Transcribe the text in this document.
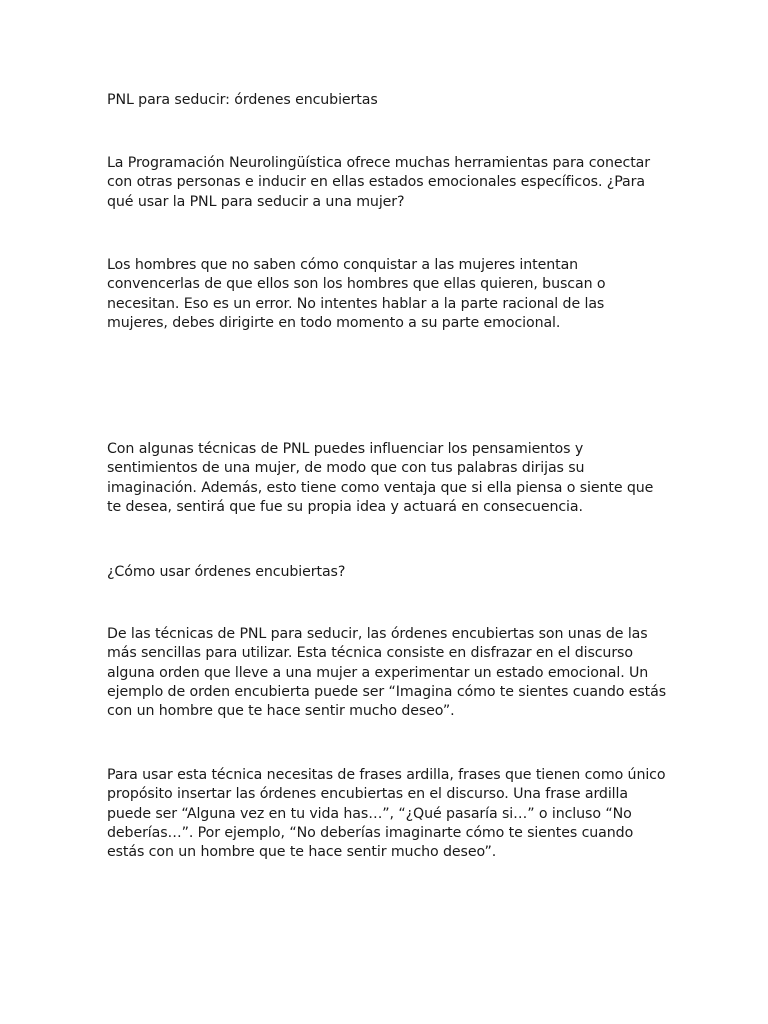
PNL para seducir: órdenes encubiertas

La Programación Neurolingüística ofrece muchas herramientas para conectar
con otras personas e inducir en ellas estados emocionales específicos. ¿Para
qué usar la PNL para seducir a una mujer?

Los hombres que no saben cómo conquistar a las mujeres intentan
convencerlas de que ellos son los hombres que ellas quieren, buscan o
necesitan. Eso es un error. No intentes hablar a la parte racional de las
mujeres, debes dirigirte en todo momento a su parte emocional.

Con algunas técnicas de PNL puedes influenciar los pensamientos y
sentimientos de una mujer, de modo que con tus palabras dirijas su
imaginación. Además, esto tiene como ventaja que si ella piensa o siente que
te desea, sentirá que fue su propia idea y actuará en consecuencia.

¿Cómo usar órdenes encubiertas?

De las técnicas de PNL para seducir, las órdenes encubiertas son unas de las
más sencillas para utilizar. Esta técnica consiste en disfrazar en el discurso
alguna orden que lleve a una mujer a experimentar un estado emocional. Un
ejemplo de orden encubierta puede ser “Imagina cómo te sientes cuando estás
con un hombre que te hace sentir mucho deseo”.

Para usar esta técnica necesitas de frases ardilla, frases que tienen como único
propósito insertar las órdenes encubiertas en el discurso. Una frase ardilla
puede ser “Alguna vez en tu vida has…”, “¿Qué pasaría si…” o incluso “No
deberías…”. Por ejemplo, “No deberías imaginarte cómo te sientes cuando
estás con un hombre que te hace sentir mucho deseo”.
